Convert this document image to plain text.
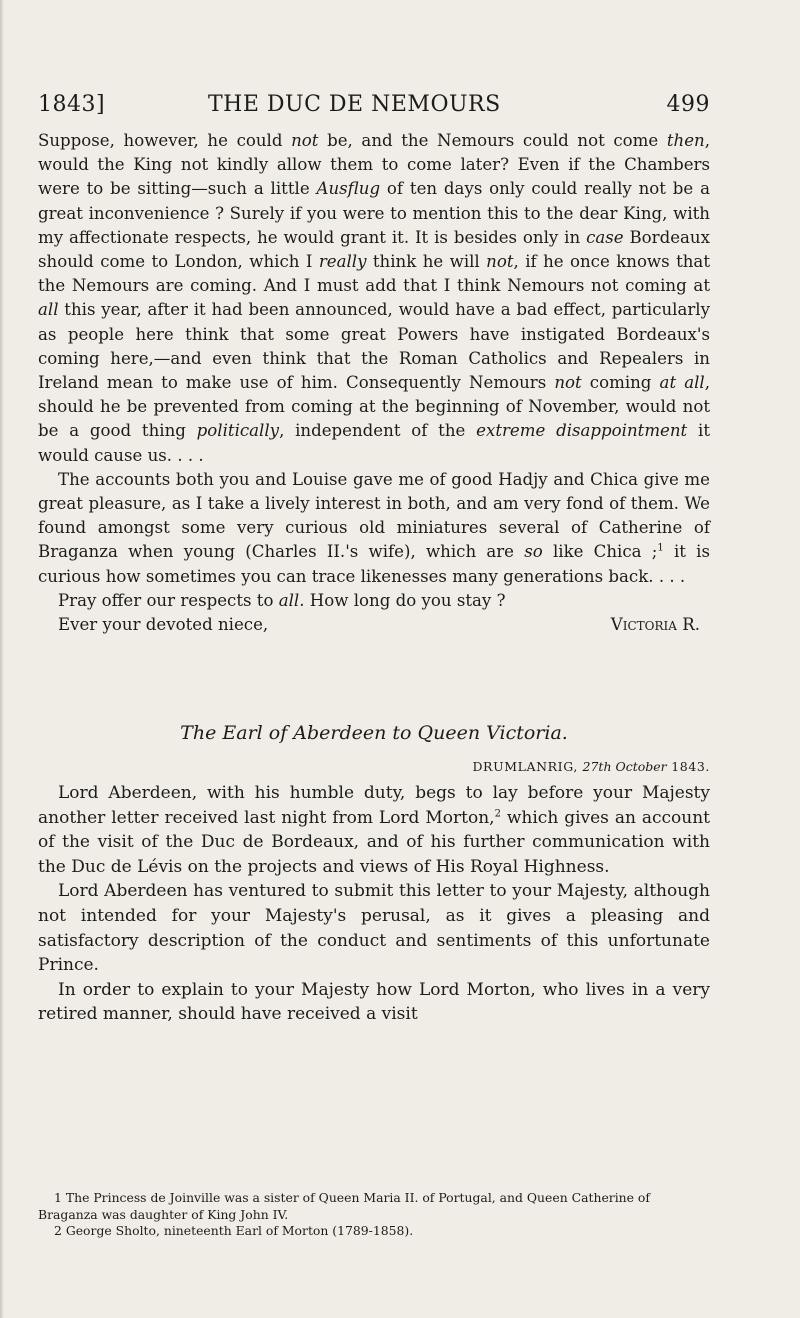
1843]	THE DUC DE NEMOURS	499

Suppose, however, he could not be, and the Nemours could not come then, would the King not kindly allow them to come later? Even if the Chambers were to be sitting—such a little Ausflug of ten days only could really not be a great inconvenience ? Surely if you were to mention this to the dear King, with my affectionate respects, he would grant it. It is besides only in case Bordeaux should come to London, which I really think he will not, if he once knows that the Nemours are coming. And I must add that I think Nemours not coming at all this year, after it had been announced, would have a bad effect, particularly as people here think that some great Powers have instigated Bordeaux's coming here,—and even think that the Roman Catholics and Repealers in Ireland mean to make use of him. Consequently Nemours not coming at all, should he be prevented from coming at the beginning of November, would not be a good thing politically, independent of the extreme disappointment it would cause us. . . .

The accounts both you and Louise gave me of good Hadjy and Chica give me great pleasure, as I take a lively interest in both, and am very fond of them. We found amongst some very curious old miniatures several of Catherine of Braganza when young (Charles II.'s wife), which are so like Chica ;$^1$ it is curious how sometimes you can trace likenesses many generations back. . . .

Pray offer our respects to all. How long do you stay ?

Ever your devoted niece,	Victoria R.
The Earl of Aberdeen to Queen Victoria.
DRUMLANRIG, 27th October 1843.

Lord Aberdeen, with his humble duty, begs to lay before your Majesty another letter received last night from Lord Morton,$^2$ which gives an account of the visit of the Duc de Bordeaux, and of his further communication with the Duc de Lévis on the projects and views of His Royal Highness.

Lord Aberdeen has ventured to submit this letter to your Majesty, although not intended for your Majesty's perusal, as it gives a pleasing and satisfactory description of the conduct and sentiments of this unfortunate Prince.

In order to explain to your Majesty how Lord Morton, who lives in a very retired manner, should have received a visit

1 The Princess de Joinville was a sister of Queen Maria II. of Portugal, and Queen Catherine of Braganza was daughter of King John IV.

2 George Sholto, nineteenth Earl of Morton (1789-1858).
